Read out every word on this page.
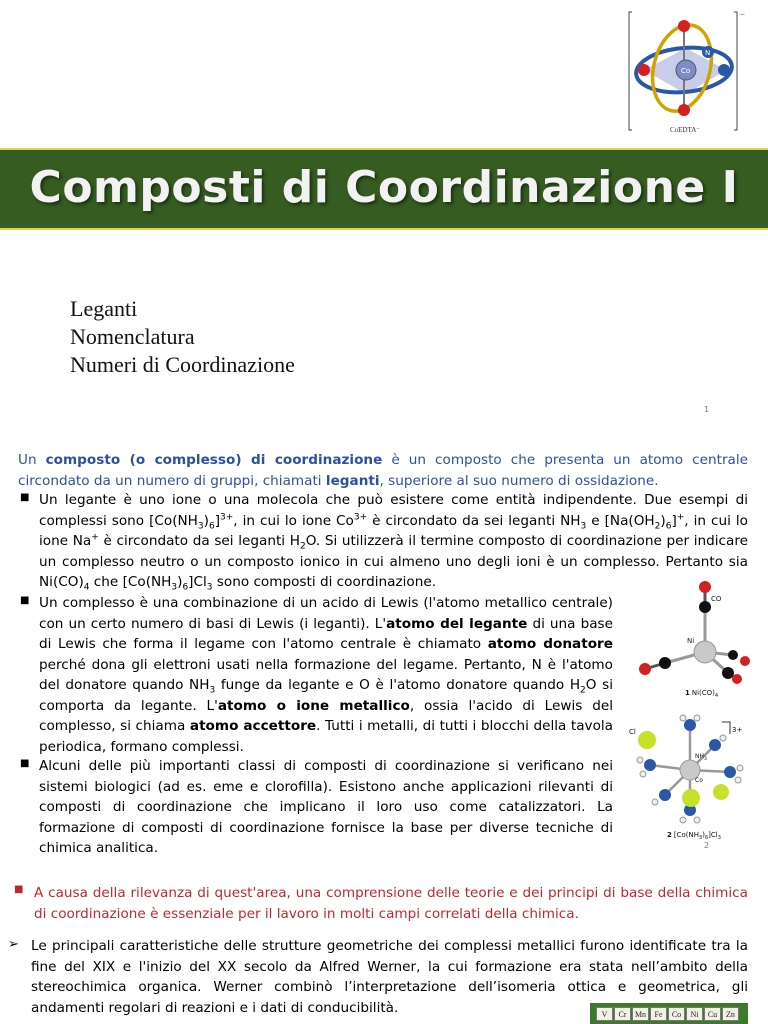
−
Co
N
CoEDTA⁻
Composti di Coordinazione I
Leganti
Nomenclatura
Numeri di Coordinazione
1
Un composto (o complesso) di coordinazione è un composto che presenta un atomo centrale circondato da un numero di gruppi, chiamati leganti, superiore al suo numero di ossidazione.
■ Un legante è uno ione o una molecola che può esistere come entità indipendente. Due esempi di complessi sono $[Co(NH_3)_6]^{3+}$, in cui lo ione $Co^{3+}$ è circondato da sei leganti $NH_3$ e $[Na(OH_2)_6]^+$, in cui lo ione Na+ è circondato da sei leganti $H_2O$. Si utilizzerà il termine composto di coordinazione per indicare un complesso neutro o un composto ionico in cui almeno uno degli ioni è un complesso. Pertanto sia $Ni(CO)_4$ che $[Co(NH_3)_6]Cl_3$ sono composti di coordinazione.
■ Un complesso è una combinazione di un acido di Lewis (l'atomo metallico centrale) con un certo numero di basi di Lewis (i leganti). L'atomo del legante di una base di Lewis che forma il legame con l'atomo centrale è chiamato atomo donatore perché dona gli elettroni usati nella formazione del legame. Pertanto, N è l'atomo del donatore quando $NH_3$ funge da legante e O è l'atomo donatore quando $H_2O$ si comporta da legante. L'atomo o ione metallico, ossia l'acido di Lewis del complesso, si chiama atomo accettore. Tutti i metalli, di tutti i blocchi della tavola periodica, formano complessi.
■ Alcuni delle più importanti classi di composti di coordinazione si verificano nei sistemi biologici (ad es. eme e clorofilla). Esistono anche applicazioni rilevanti di composti di coordinazione che implicano il loro uso come catalizzatori. La formazione di composti di coordinazione fornisce la base per diverse tecniche di chimica analitica.	2
CO
Ni
1 $Ni(CO)_4$
3+
Cl
$NH_3$
Co
2 $[Co(NH_3)_6]Cl_3$
■ A causa della rilevanza di quest'area, una comprensione delle teorie e dei principi di base della chimica di coordinazione è essenziale per il lavoro in molti campi correlati della chimica.
➢ Le principali caratteristiche delle strutture geometriche dei complessi metallici furono identificate tra la fine del XIX e l'inizio del XX secolo da Alfred Werner, la cui formazione era stata nell’ambito della stereochimica organica. Werner combinò l’interpretazione dell’isomeria ottica e geometrica, gli andamenti regolari di reazioni e i dati di conducibilità.	V	Cr	Mn	Fe	Co	Ni	Cu	Zn
